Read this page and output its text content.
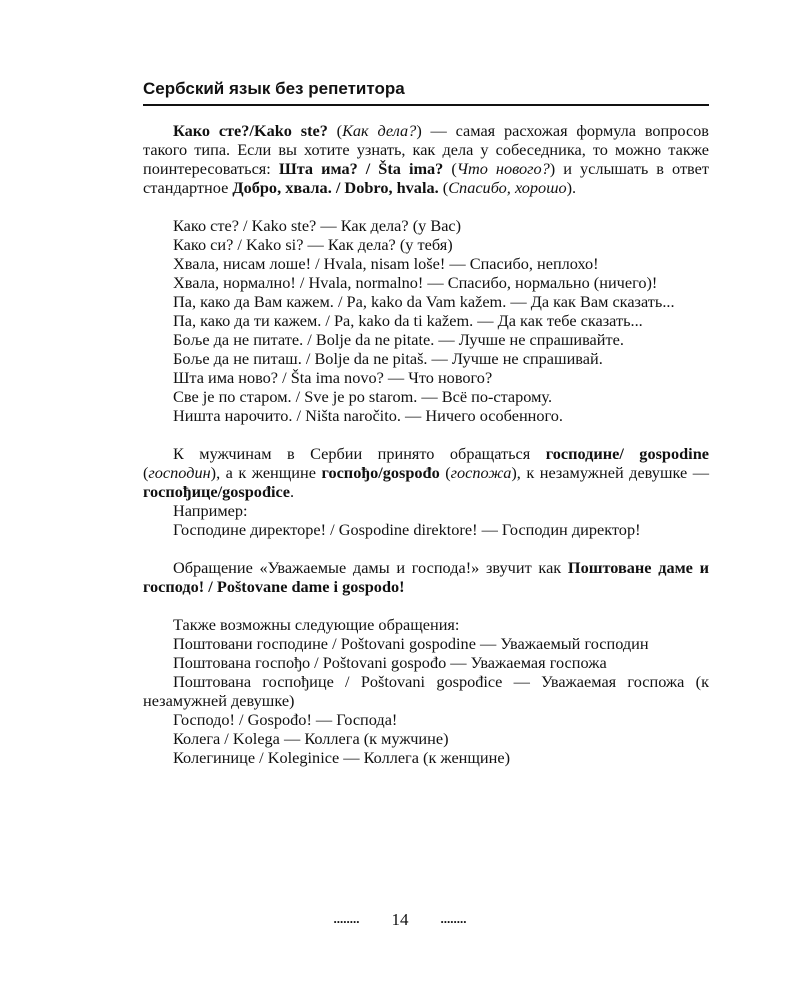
Сербский язык без репетитора

Како сте?/Kako ste? (Как дела?) — самая расхожая формула вопросов такого типа. Если вы хотите узнать, как дела у собеседника, то можно также поинтересоваться: Шта има? / Šta ima? (Что нового?) и услышать в ответ стандартное Добро, хвала. / Dobro, hvala. (Спасибо, хорошо).

Како сте? / Kako ste? — Как дела? (у Вас)

Како си? / Kako si? — Как дела? (у тебя)

Хвала, нисам лоше! / Hvala, nisam loše! — Спасибо, неплохо!

Хвала, нормално! / Hvala, normalno! — Спасибо, нормально (ничего)!

Па, како да Вам кажем. / Pa, kako da Vam kažem. — Да как Вам сказать...

Па, како да ти кажем. / Pa, kako da ti kažem. — Да как тебе сказать...

Боље да не питате. / Bolje da ne pitate. — Лучше не спрашивайте.

Боље да не питаш. / Bolje da ne pitaš. — Лучше не спрашивай.

Шта има ново? / Šta ima novo? — Что нового?

Све је по старом. / Sve je po starom. — Всё по-старому.

Ништа нарочито. / Ništa naročito. — Ничего особенного.

К мужчинам в Сербии принято обращаться господине/ gospodine (господин), а к женщине госпођо/gospođo (госпожа), к незамужней девушке — госпођице/gospođice.

Например:

Господине директоре! / Gospodine direktore! — Господин директор!

Обращение «Уважаемые дамы и господа!» звучит как Поштоване даме и господо! / Poštovane dame i gospodo!

Также возможны следующие обращения:

Поштовани господине / Poštovani gospodine — Уважаемый господин

Поштована госпођо / Poštovani gospođo — Уважаемая госпожа

Поштована госпођице / Poštovani gospođice — Уважаемая госпожа (к незамужней девушке)

Господо! / Gospođo! — Господа!

Колега / Kolega — Коллега (к мужчине)

Колегинице / Koleginice — Коллега (к женщине)

........ 14 ........
